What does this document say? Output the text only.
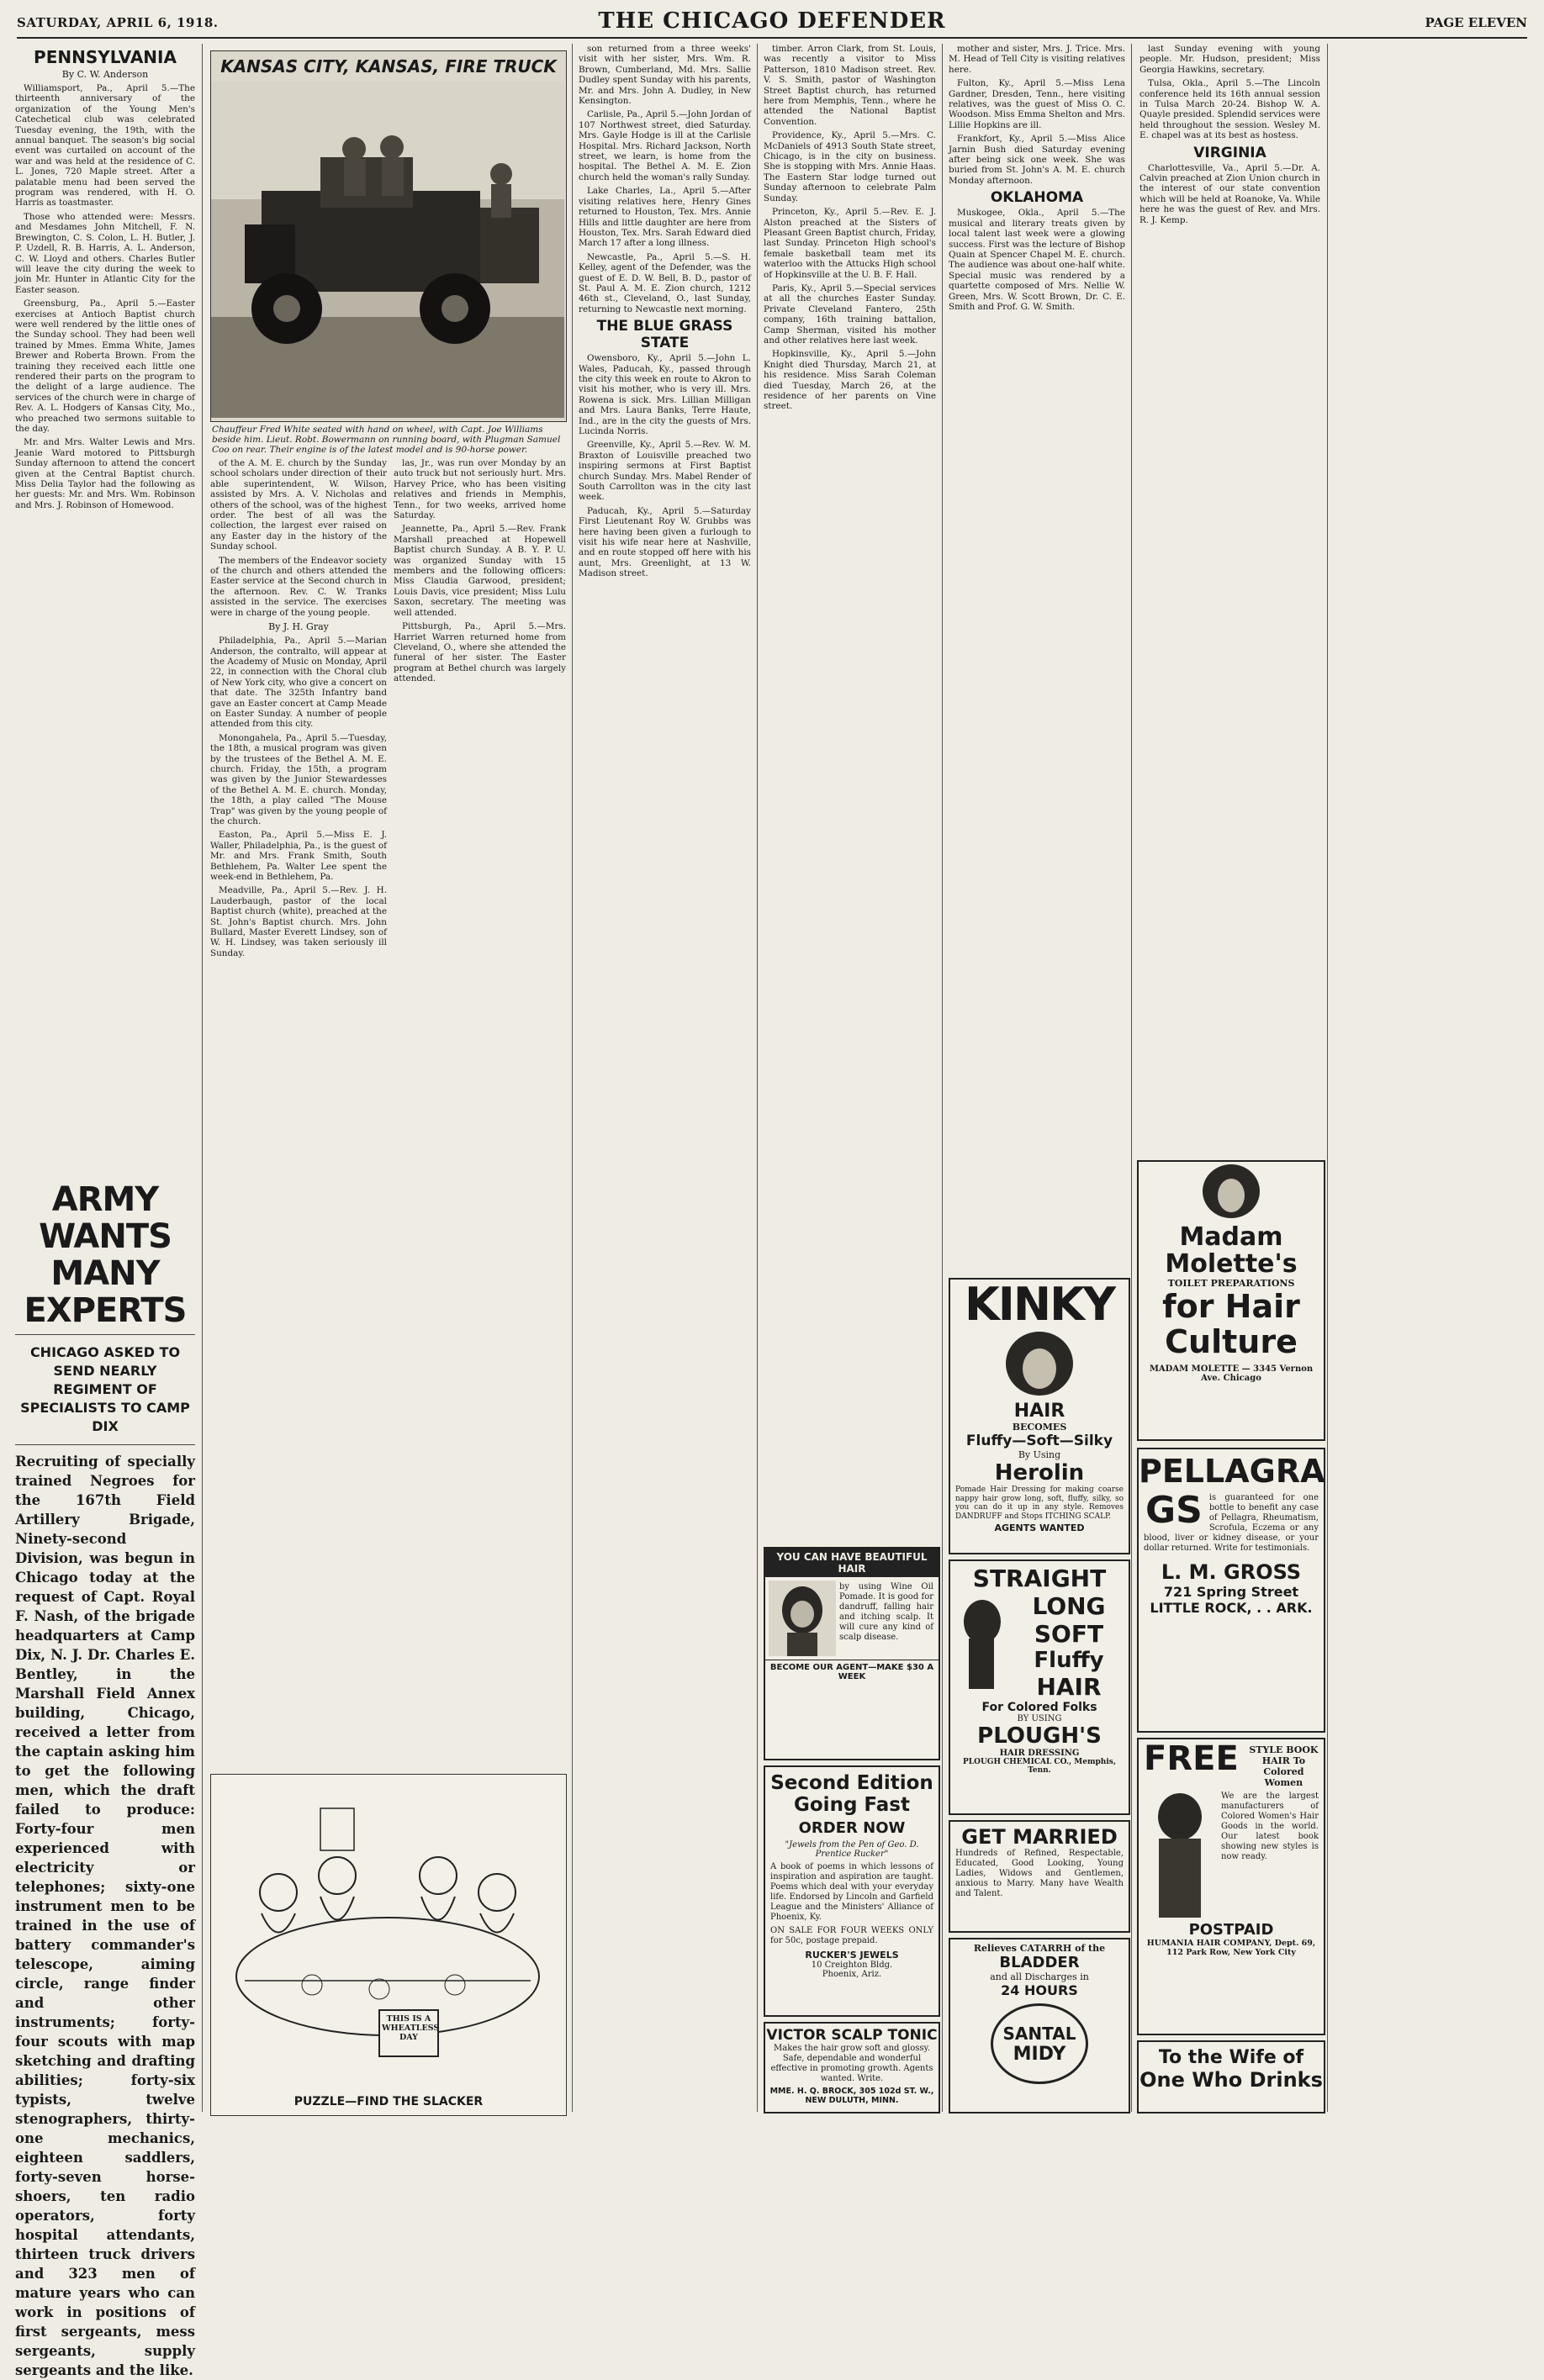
SATURDAY, APRIL 6, 1918.	THE CHICAGO DEFENDER	PAGE ELEVEN
PENNSYLVANIA
By C. W. Anderson

Williamsport, Pa., April 5.—The thirteenth anniversary of the organization of the Young Men's Catechetical club was celebrated Tuesday evening, the 19th, with the annual banquet. The season's big social event was curtailed on account of the war and was held at the residence of C. L. Jones, 720 Maple street. After a palatable menu had been served the program was rendered, with H. O. Harris as toastmaster.

Those who attended were: Messrs. and Mesdames John Mitchell, F. N. Brewington, C. S. Colon, L. H. Butler, J. P. Uzdell, R. B. Harris, A. L. Anderson, C. W. Lloyd and others. Charles Butler will leave the city during the week to join Mr. Hunter in Atlantic City for the Easter season.

Greensburg, Pa., April 5.—Easter exercises at Antioch Baptist church were well rendered by the little ones of the Sunday school. They had been well trained by Mmes. Emma White, James Brewer and Roberta Brown. From the training they received each little one rendered their parts on the program to the delight of a large audience. The services of the church were in charge of Rev. A. L. Hodgers of Kansas City, Mo., who preached two sermons suitable to the day.

Mr. and Mrs. Walter Lewis and Mrs. Jeanie Ward motored to Pittsburgh Sunday afternoon to attend the concert given at the Central Baptist church. Miss Delia Taylor had the following as her guests: Mr. and Mrs. Wm. Robinson and Mrs. J. Robinson of Homewood.

ARMY WANTS
MANY EXPERTS
CHICAGO ASKED TO SEND NEARLY REGIMENT OF SPECIALISTS TO CAMP DIX

Recruiting of specially trained Negroes for the 167th Field Artillery Brigade, Ninety-second Division, was begun in Chicago today at the request of Capt. Royal F. Nash, of the brigade headquarters at Camp Dix, N. J. Dr. Charles E. Bentley, in the Marshall Field Annex building, Chicago, received a letter from the captain asking him to get the following men, which the draft failed to produce: Forty-four men experienced with electricity or telephones; sixty-one instrument men to be trained in the use of battery commander's telescope, aiming circle, range finder and other instruments; forty-four scouts with map sketching and drafting abilities; forty-six typists, twelve stenographers, thirty-one mechanics, eighteen saddlers, forty-seven horse-shoers, ten radio operators, forty hospital attendants, thirteen truck drivers and 323 men of mature years who can work in positions of first sergeants, mess sergeants, supply sergeants and the like.

KANSAS CITY, KANSAS, FIRE TRUCK
Chauffeur Fred White seated with hand on wheel, with Capt. Joe Williams beside him. Lieut. Robt. Bowermann on running board, with Plugman Samuel Coo on rear. Their engine is of the latest model and is 90-horse power.

of the A. M. E. church by the Sunday school scholars under direction of their able superintendent, W. Wilson, assisted by Mrs. A. V. Nicholas and others of the school, was of the highest order. The best of all was the collection, the largest ever raised on any Easter day in the history of the Sunday school.

The members of the Endeavor society of the church and others attended the Easter service at the Second church in the afternoon. Rev. C. W. Tranks assisted in the service. The exercises were in charge of the young people.

By J. H. Gray

Philadelphia, Pa., April 5.—Marian Anderson, the contralto, will appear at the Academy of Music on Monday, April 22, in connection with the Choral club of New York city, who give a concert on that date. The 325th Infantry band gave an Easter concert at Camp Meade on Easter Sunday. A number of people attended from this city.

Monongahela, Pa., April 5.—Tuesday, the 18th, a musical program was given by the trustees of the Bethel A. M. E. church. Friday, the 15th, a program was given by the Junior Stewardesses of the Bethel A. M. E. church. Monday, the 18th, a play called "The Mouse Trap" was given by the young people of the church.

Easton, Pa., April 5.—Miss E. J. Waller, Philadelphia, Pa., is the guest of Mr. and Mrs. Frank Smith, South Bethlehem, Pa. Walter Lee spent the week-end in Bethlehem, Pa.

Meadville, Pa., April 5.—Rev. J. H. Lauderbaugh, pastor of the local Baptist church (white), preached at the St. John's Baptist church. Mrs. John Bullard, Master Everett Lindsey, son of W. H. Lindsey, was taken seriously ill Sunday.

las, Jr., was run over Monday by an auto truck but not seriously hurt. Mrs. Harvey Price, who has been visiting relatives and friends in Memphis, Tenn., for two weeks, arrived home Saturday.

Jeannette, Pa., April 5.—Rev. Frank Marshall preached at Hopewell Baptist church Sunday. A B. Y. P. U. was organized Sunday with 15 members and the following officers: Miss Claudia Garwood, president; Louis Davis, vice president; Miss Lulu Saxon, secretary. The meeting was well attended.

Pittsburgh, Pa., April 5.—Mrs. Harriet Warren returned home from Cleveland, O., where she attended the funeral of her sister. The Easter program at Bethel church was largely attended.

THIS IS A WHEATLESS DAY
PUZZLE—FIND THE SLACKER

son returned from a three weeks' visit with her sister, Mrs. Wm. R. Brown, Cumberland, Md. Mrs. Sallie Dudley spent Sunday with his parents, Mr. and Mrs. John A. Dudley, in New Kensington.

Carlisle, Pa., April 5.—John Jordan of 107 Northwest street, died Saturday. Mrs. Gayle Hodge is ill at the Carlisle Hospital. Mrs. Richard Jackson, North street, we learn, is home from the hospital. The Bethel A. M. E. Zion church held the woman's rally Sunday.

Lake Charles, La., April 5.—After visiting relatives here, Henry Gines returned to Houston, Tex. Mrs. Annie Hills and little daughter are here from Houston, Tex. Mrs. Sarah Edward died March 17 after a long illness.

Newcastle, Pa., April 5.—S. H. Kelley, agent of the Defender, was the guest of E. D. W. Bell, B. D., pastor of St. Paul A. M. E. Zion church, 1212 46th st., Cleveland, O., last Sunday, returning to Newcastle next morning.

THE BLUE GRASS STATE

Owensboro, Ky., April 5.—John L. Wales, Paducah, Ky., passed through the city this week en route to Akron to visit his mother, who is very ill. Mrs. Rowena is sick. Mrs. Lillian Milligan and Mrs. Laura Banks, Terre Haute, Ind., are in the city the guests of Mrs. Lucinda Norris.

Greenville, Ky., April 5.—Rev. W. M. Braxton of Louisville preached two inspiring sermons at First Baptist church Sunday. Mrs. Mabel Render of South Carrollton was in the city last week.

Paducah, Ky., April 5.—Saturday First Lieutenant Roy W. Grubbs was here having been given a furlough to visit his wife near here at Nashville, and en route stopped off here with his aunt, Mrs. Greenlight, at 13 W. Madison street.

timber. Arron Clark, from St. Louis, was recently a visitor to Miss Patterson, 1810 Madison street. Rev. V. S. Smith, pastor of Washington Street Baptist church, has returned here from Memphis, Tenn., where he attended the National Baptist Convention.

Providence, Ky., April 5.—Mrs. C. McDaniels of 4913 South State street, Chicago, is in the city on business. She is stopping with Mrs. Annie Haas. The Eastern Star lodge turned out Sunday afternoon to celebrate Palm Sunday.

Princeton, Ky., April 5.—Rev. E. J. Alston preached at the Sisters of Pleasant Green Baptist church, Friday, last Sunday. Princeton High school's female basketball team met its waterloo with the Attucks High school of Hopkinsville at the U. B. F. Hall.

Paris, Ky., April 5.—Special services at all the churches Easter Sunday. Private Cleveland Fantero, 25th company, 16th training battalion, Camp Sherman, visited his mother and other relatives here last week.

Hopkinsville, Ky., April 5.—John Knight died Thursday, March 21, at his residence. Miss Sarah Coleman died Tuesday, March 26, at the residence of her parents on Vine street.

YOU CAN HAVE BEAUTIFUL HAIR
by using Wine Oil Pomade. It is good for dandruff, falling hair and itching scalp. It will cure any kind of scalp disease.
BECOME OUR AGENT—MAKE $30 A WEEK
Second Edition
Going Fast
ORDER NOW
"Jewels from the Pen of Geo. D. Prentice Rucker"
A book of poems in which lessons of inspiration and aspiration are taught. Poems which deal with your everyday life. Endorsed by Lincoln and Garfield League and the Ministers' Alliance of Phoenix, Ky.
ON SALE FOR FOUR WEEKS ONLY for 50c, postage prepaid.
RUCKER'S JEWELS
10 Creighton Bldg.
Phoenix, Ariz.
VICTOR SCALP TONIC
Makes the hair grow soft and glossy. Safe, dependable and wonderful effective in promoting growth. Agents wanted. Write.
MME. H. Q. BROCK, 305 102d ST. W., NEW DULUTH, MINN.

mother and sister, Mrs. J. Trice. Mrs. M. Head of Tell City is visiting relatives here.

Fulton, Ky., April 5.—Miss Lena Gardner, Dresden, Tenn., here visiting relatives, was the guest of Miss O. C. Woodson. Miss Emma Shelton and Mrs. Lillie Hopkins are ill.

Frankfort, Ky., April 5.—Miss Alice Jarnin Bush died Saturday evening after being sick one week. She was buried from St. John's A. M. E. church Monday afternoon.

OKLAHOMA

Muskogee, Okla., April 5.—The musical and literary treats given by local talent last week were a glowing success. First was the lecture of Bishop Quain at Spencer Chapel M. E. church. The audience was about one-half white. Special music was rendered by a quartette composed of Mrs. Nellie W. Green, Mrs. W. Scott Brown, Dr. C. E. Smith and Prof. G. W. Smith.

KINKY
HAIR
BECOMES
Fluffy—Soft—Silky
By Using
Herolin
Pomade Hair Dressing for making coarse nappy hair grow long, soft, fluffy, silky, so you can do it up in any style. Removes DANDRUFF and Stops ITCHING SCALP.
AGENTS WANTED
STRAIGHT
LONG
SOFT
Fluffy
HAIR
For Colored Folks
BY USING
PLOUGH'S
HAIR DRESSING
PLOUGH CHEMICAL CO., Memphis, Tenn.
GET MARRIED
Hundreds of Refined, Respectable, Educated, Good Looking, Young Ladies, Widows and Gentlemen, anxious to Marry. Many have Wealth and Talent.
Relieves CATARRH of the
BLADDER
and all Discharges in
24 HOURS
SANTAL
MIDY

last Sunday evening with young people. Mr. Hudson, president; Miss Georgia Hawkins, secretary.

Tulsa, Okla., April 5.—The Lincoln conference held its 16th annual session in Tulsa March 20-24. Bishop W. A. Quayle presided. Splendid services were held throughout the session. Wesley M. E. chapel was at its best as hostess.

VIRGINIA

Charlottesville, Va., April 5.—Dr. A. Calvin preached at Zion Union church in the interest of our state convention which will be held at Roanoke, Va. While here he was the guest of Rev. and Mrs. R. J. Kemp.

Madam
Molette's
TOILET PREPARATIONS
for Hair
Culture
MADAM MOLETTE — 3345 Vernon Ave. Chicago
PELLAGRA
GS is guaranteed for one bottle to benefit any case of Pellagra, Rheumatism, Scrofula, Eczema or any blood, liver or kidney disease, or your dollar returned. Write for testimonials.
L. M. GROSS
721 Spring Street
LITTLE ROCK, . . ARK.
FREE	STYLE BOOK HAIR To Colored Women
We are the largest manufacturers of Colored Women's Hair Goods in the world. Our latest book showing new styles is now ready.
POSTPAID
HUMANIA HAIR COMPANY, Dept. 69, 112 Park Row, New York City
To the Wife of
One Who Drinks
